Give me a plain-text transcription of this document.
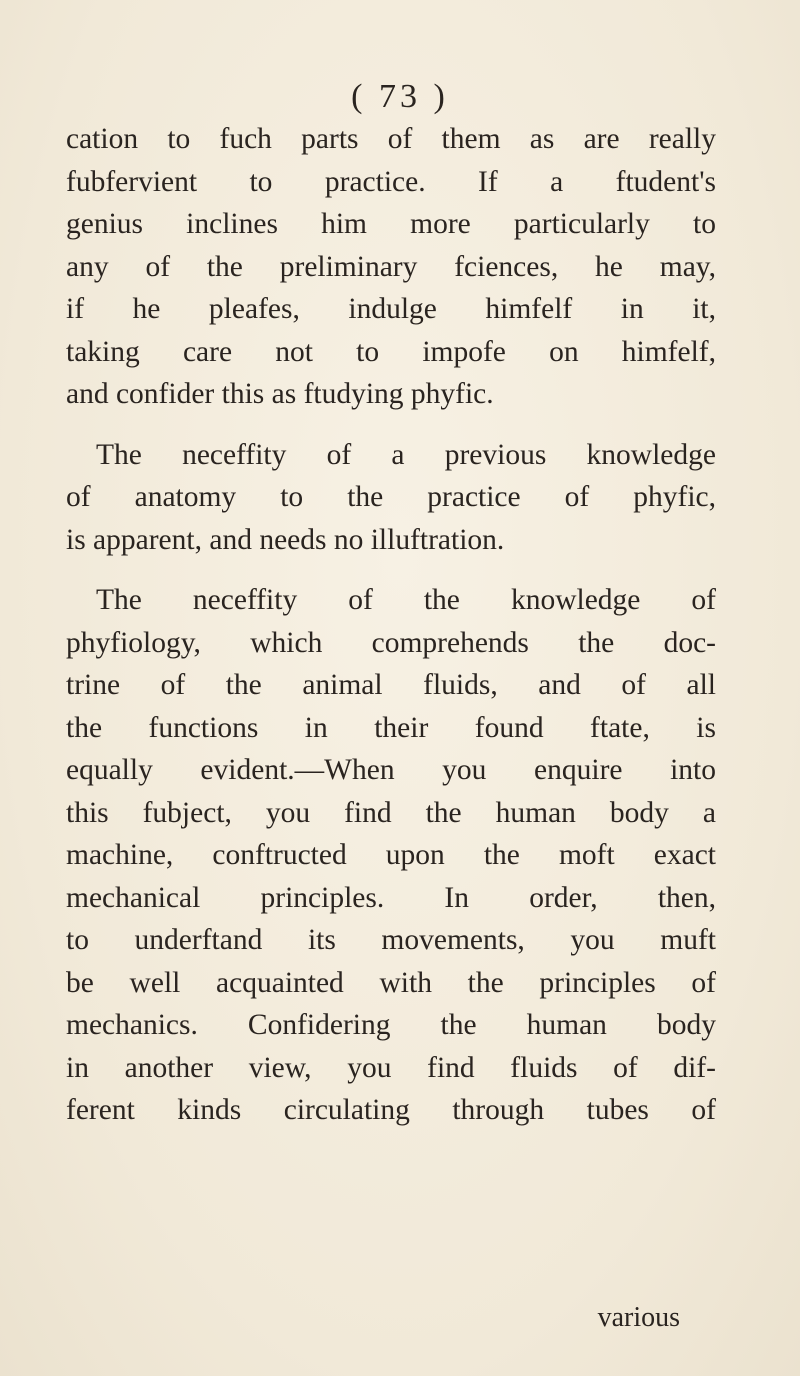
( 73 )
cation to fuch parts of them as are really
fubfervient to practice. If a ftudent's
genius inclines him more particularly to
any of the preliminary fciences, he may,
if he pleafes, indulge himfelf in it,
taking care not to impofe on himfelf,
and confider this as ftudying phyfic.
The neceffity of a previous knowledge
of anatomy to the practice of phyfic,
is apparent, and needs no illuftration.
The neceffity of the knowledge of
phyfiology, which comprehends the doc-
trine of the animal fluids, and of all
the functions in their found ftate, is
equally evident.—When you enquire into
this fubject, you find the human body a
machine, conftructed upon the moft exact
mechanical principles. In order, then,
to underftand its movements, you muft
be well acquainted with the principles of
mechanics. Confidering the human body
in another view, you find fluids of dif-
ferent kinds circulating through tubes of
various
